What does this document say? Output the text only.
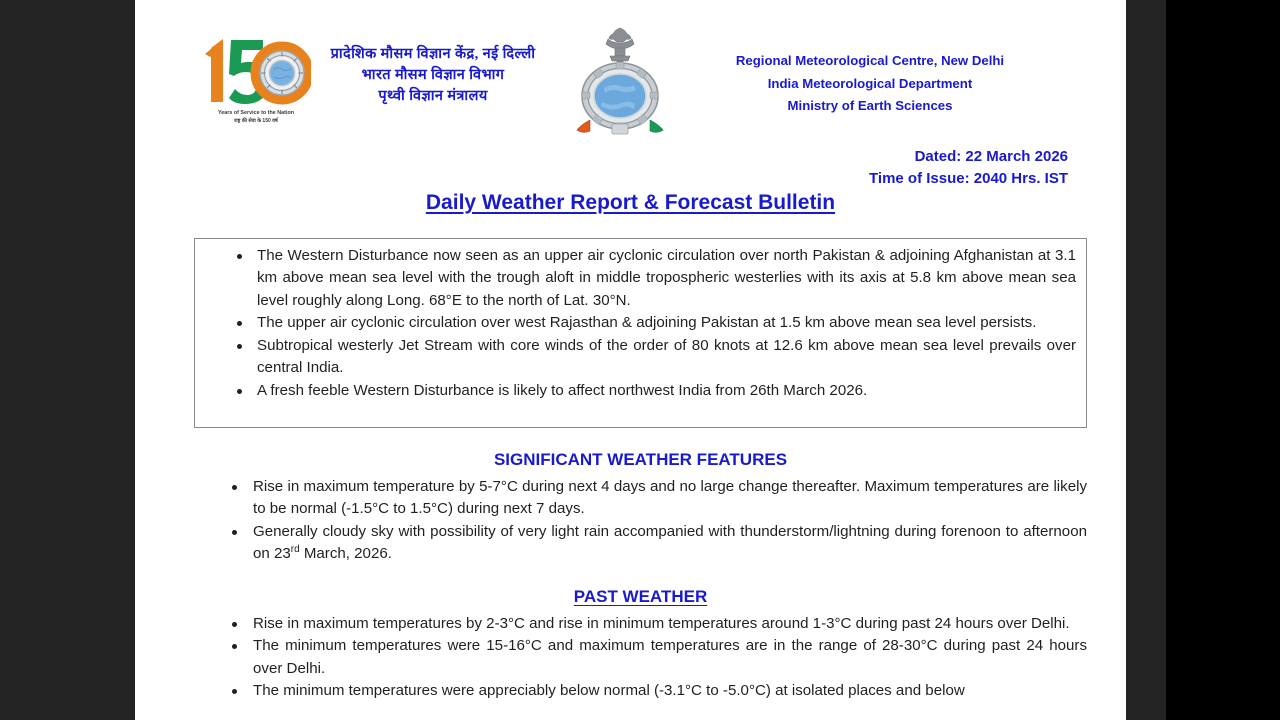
Years of Service to the Nation
राष्ट्र की सेवा के 150 वर्ष
प्रादेशिक मौसम विज्ञान केंद्र, नई दिल्ली
भारत मौसम विज्ञान विभाग
पृथ्वी विज्ञान मंत्रालय
Regional Meteorological Centre, New Delhi
India Meteorological Department
Ministry of Earth Sciences
Dated: 22 March 2026
Time of Issue: 2040 Hrs. IST
Daily Weather Report & Forecast Bulletin
The Western Disturbance now seen as an upper air cyclonic circulation over north Pakistan & adjoining Afghanistan at 3.1 km above mean sea level with the trough aloft in middle tropospheric westerlies with its axis at 5.8 km above mean sea level roughly along Long. 68°E to the north of Lat. 30°N.
The upper air cyclonic circulation over west Rajasthan & adjoining Pakistan at 1.5 km above mean sea level persists.
Subtropical westerly Jet Stream with core winds of the order of 80 knots at 12.6 km above mean sea level prevails over central India.
A fresh feeble Western Disturbance is likely to affect northwest India from 26th March 2026.
SIGNIFICANT WEATHER FEATURES
Rise in maximum temperature by 5-7°C during next 4 days and no large change thereafter. Maximum temperatures are likely to be normal (-1.5°C to 1.5°C) during next 7 days.
Generally cloudy sky with possibility of very light rain accompanied with thunderstorm/lightning during forenoon to afternoon on 23rd March, 2026.
PAST WEATHER
Rise in maximum temperatures by 2-3°C and rise in minimum temperatures around 1-3°C during past 24 hours over Delhi.
The minimum temperatures were 15-16°C and maximum temperatures are in the range of 28-30°C during past 24 hours over Delhi.
The minimum temperatures were appreciably below normal (-3.1°C to -5.0°C) at isolated places and below
